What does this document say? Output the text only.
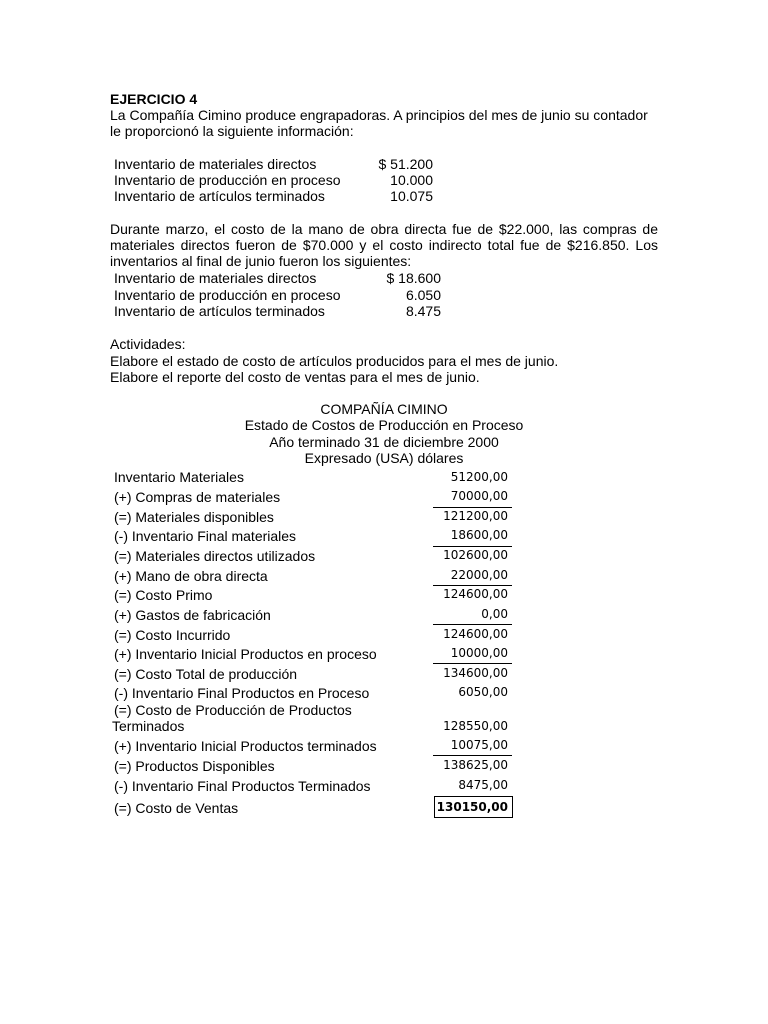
EJERCICIO 4
La Compañía Cimino produce engrapadoras. A principios del mes de junio su contador
le proporcionó la siguiente información:
Inventario de materiales directos	$ 51.200
Inventario de producción en proceso	10.000
Inventario de artículos terminados	10.075
Durante marzo, el costo de la mano de obra directa fue de $22.000, las compras de materiales directos fueron de $70.000 y el costo indirecto total fue de $216.850. Los inventarios al final de junio fueron los siguientes:
Inventario de materiales directos	$ 18.600
Inventario de producción en proceso	6.050
Inventario de artículos terminados	8.475
Actividades:
Elabore el estado de costo de artículos producidos para el mes de junio.
Elabore el reporte del costo de ventas para el mes de junio.
COMPAÑÍA CIMINO
Estado de Costos de Producción en Proceso
Año terminado 31 de diciembre 2000
Expresado (USA) dólares
Inventario Materiales	51200,00
(+) Compras de materiales	70000,00
(=) Materiales disponibles	121200,00
(-) Inventario Final materiales	18600,00
(=) Materiales directos utilizados	102600,00
(+) Mano de obra directa	22000,00
(=) Costo Primo	124600,00
(+) Gastos de fabricación	0,00
(=) Costo Incurrido	124600,00
(+) Inventario Inicial Productos en proceso	10000,00
(=) Costo Total de producción	134600,00
(-) Inventario Final Productos en Proceso	6050,00
(=) Costo de Producción de Productos
Terminados	128550,00
(+) Inventario Inicial Productos terminados	10075,00
(=) Productos Disponibles	138625,00
(-) Inventario Final Productos Terminados	8475,00
(=) Costo de Ventas	130150,00
